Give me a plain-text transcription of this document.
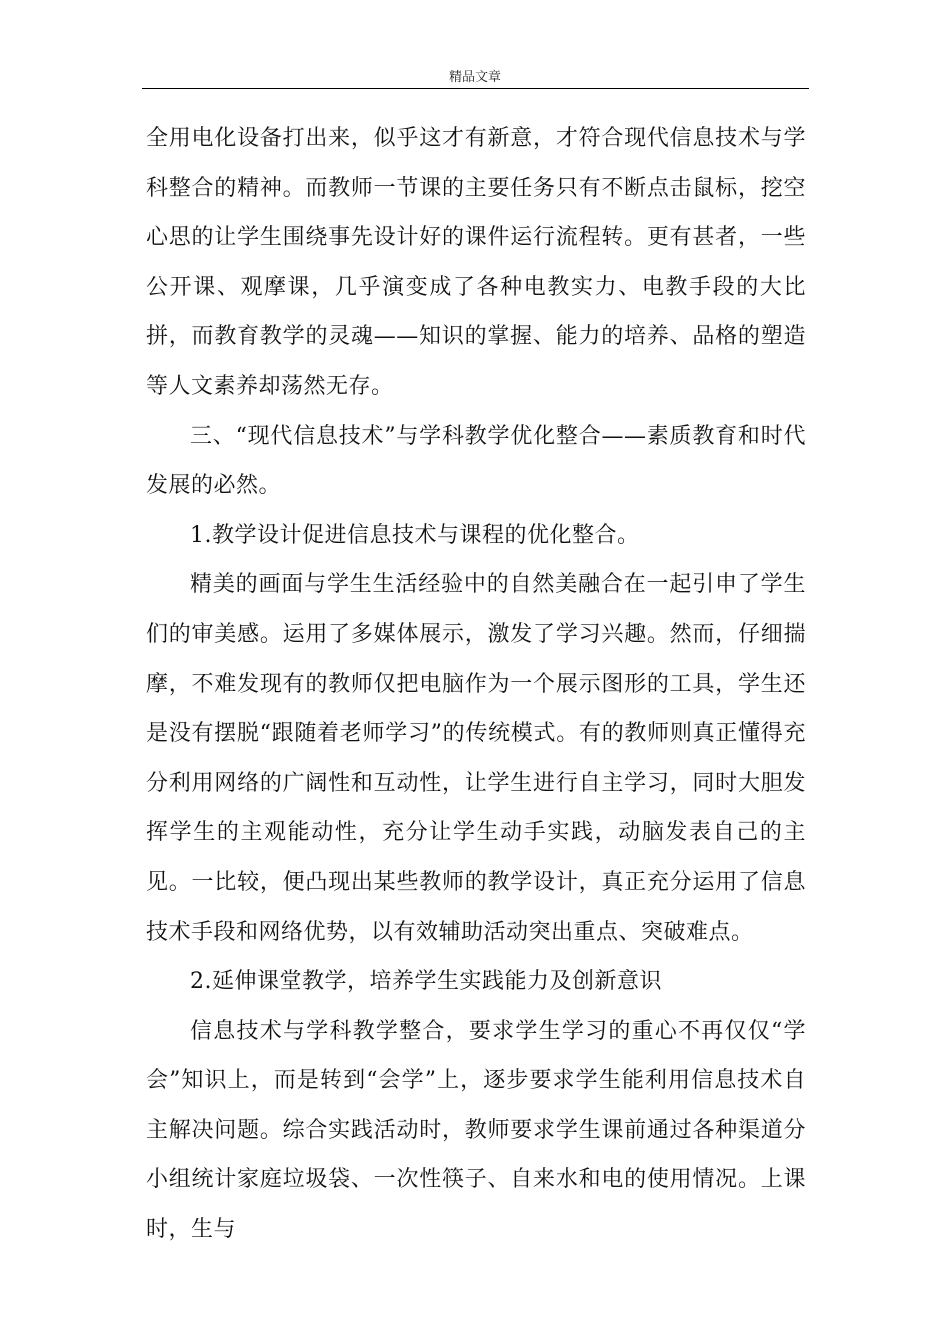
精品文章

全用电化设备打出来，似乎这才有新意，才符合现代信息技术与学科整合的精神。而教师一节课的主要任务只有不断点击鼠标，挖空心思的让学生围绕事先设计好的课件运行流程转。更有甚者，一些公开课、观摩课，几乎演变成了各种电教实力、电教手段的大比拼，而教育教学的灵魂——知识的掌握、能力的培养、品格的塑造等人文素养却荡然无存。

三、“现代信息技术”与学科教学优化整合——素质教育和时代发展的必然。

1.教学设计促进信息技术与课程的优化整合。

精美的画面与学生生活经验中的自然美融合在一起引申了学生们的审美感。运用了多媒体展示，激发了学习兴趣。然而，仔细揣摩，不难发现有的教师仅把电脑作为一个展示图形的工具，学生还是没有摆脱“跟随着老师学习”的传统模式。有的教师则真正懂得充分利用网络的广阔性和互动性，让学生进行自主学习，同时大胆发挥学生的主观能动性，充分让学生动手实践，动脑发表自己的主见。一比较，便凸现出某些教师的教学设计，真正充分运用了信息技术手段和网络优势，以有效辅助活动突出重点、突破难点。

2.延伸课堂教学，培养学生实践能力及创新意识

信息技术与学科教学整合，要求学生学习的重心不再仅仅“学会”知识上，而是转到“会学”上，逐步要求学生能利用信息技术自主解决问题。综合实践活动时，教师要求学生课前通过各种渠道分小组统计家庭垃圾袋、一次性筷子、自来水和电的使用情况。上课时，生与
